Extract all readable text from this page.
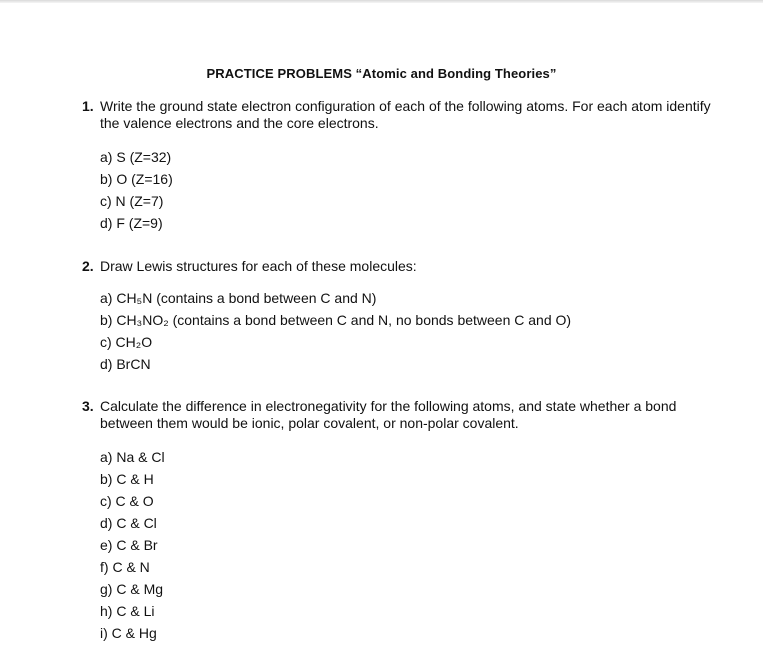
PRACTICE PROBLEMS “Atomic and Bonding Theories”
1. Write the ground state electron configuration of each of the following atoms. For each atom identify the valence electrons and the core electrons.
a) S (Z=32)
b) O (Z=16)
c) N (Z=7)
d) F (Z=9)
2. Draw Lewis structures for each of these molecules:
a) CH₅N (contains a bond between C and N)
b) CH₃NO₂ (contains a bond between C and N, no bonds between C and O)
c) CH₂O
d) BrCN
3. Calculate the difference in electronegativity for the following atoms, and state whether a bond between them would be ionic, polar covalent, or non-polar covalent.
a) Na & Cl
b) C & H
c) C & O
d) C & Cl
e) C & Br
f) C & N
g) C & Mg
h) C & Li
i) C & Hg
